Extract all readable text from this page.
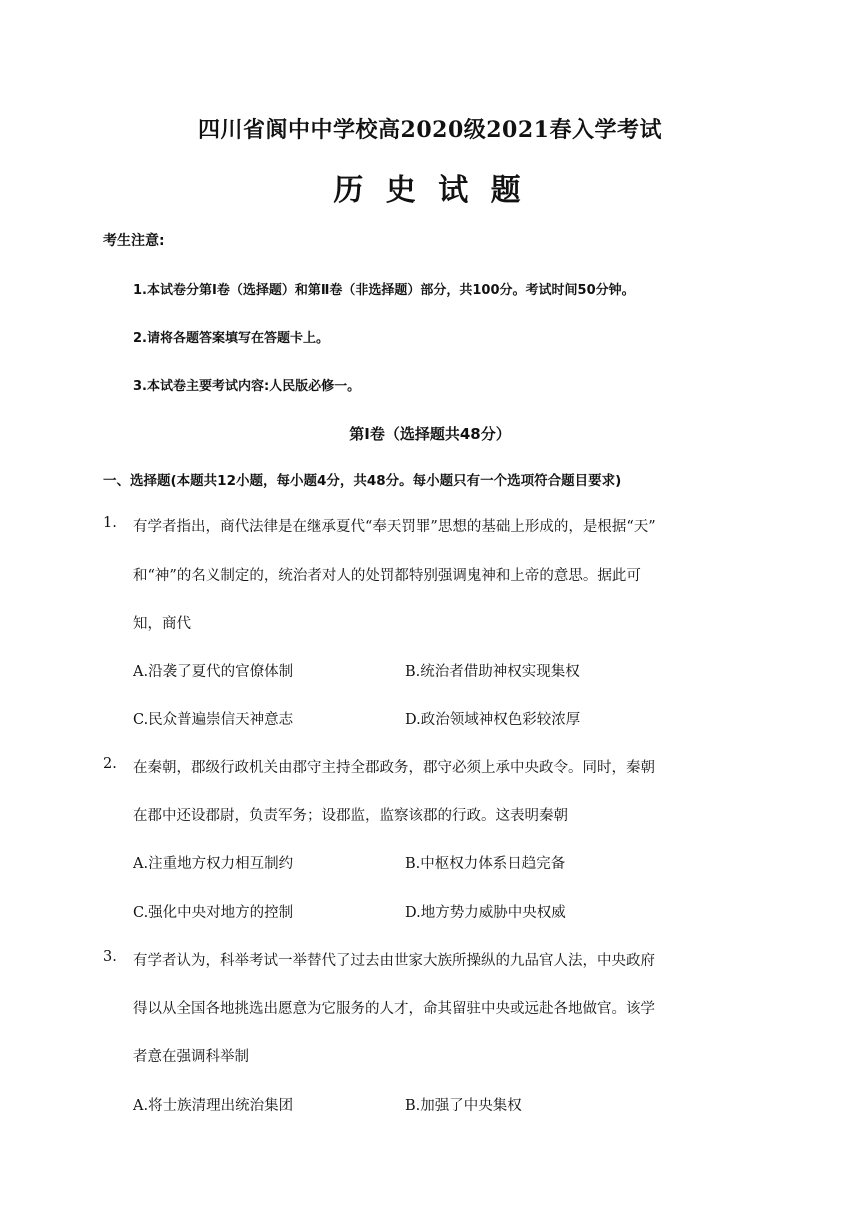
四川省阆中中学校高2020级2021春入学考试
历 史 试 题
考生注意:
1.本试卷分第Ⅰ卷（选择题）和第Ⅱ卷（非选择题）部分，共100分。考试时间50分钟。
2.请将各题答案填写在答题卡上。
3.本试卷主要考试内容:人民版必修一。
第Ⅰ卷（选择题共48分）
一、选择题(本题共12小题，每小题4分，共48分。每小题只有一个选项符合题目要求)
1. 有学者指出，商代法律是在继承夏代“奉天罚罪”思想的基础上形成的，是根据“天”
和“神”的名义制定的，统治者对人的处罚都特别强调鬼神和上帝的意思。据此可
知，商代
A.沿袭了夏代的官僚体制	B.统治者借助神权实现集权
C.民众普遍崇信天神意志	D.政治领域神权色彩较浓厚
2. 在秦朝，郡级行政机关由郡守主持全郡政务，郡守必须上承中央政令。同时，秦朝
在郡中还设郡尉，负责军务；设郡监，监察该郡的行政。这表明秦朝
A.注重地方权力相互制约	B.中枢权力体系日趋完备
C.强化中央对地方的控制	D.地方势力威胁中央权威
3. 有学者认为，科举考试一举替代了过去由世家大族所操纵的九品官人法，中央政府
得以从全国各地挑选出愿意为它服务的人才，命其留驻中央或远赴各地做官。该学
者意在强调科举制
A.将士族清理出统治集团	B.加强了中央集权
